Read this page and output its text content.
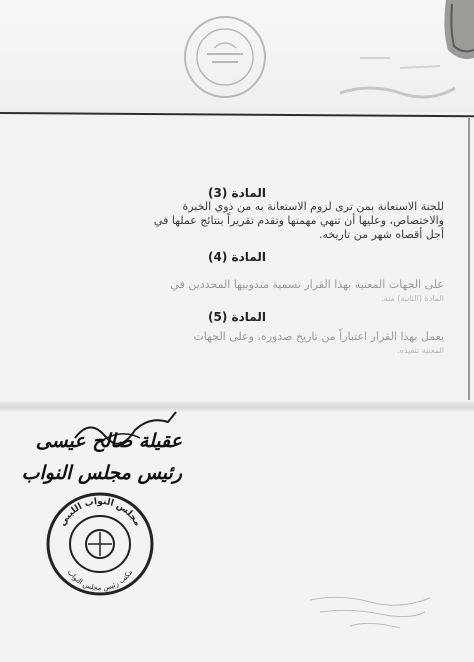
المادة (3)
للجنة الاستعانة بمن ترى لزوم الاستعانة به من ذوي الخبرة
والاختصاص، وعليها أن تنهي مهمتها وتقدم تقريراً بنتائج عملها في
أجل أقصاه شهر من تاريخه.
المادة (4)
على الجهات المعنية بهذا القرار تسمية مندوبيها المحددين في
المادة (الثانية) منه.
المادة (5)
يعمل بهذا القرار اعتباراً من تاريخ صدوره، وعلى الجهات
المعنية تنفيذه.
عقيلة صالح عيسى
رئيس مجلس النواب
مجلس النواب الليبي
مكتب رئيس مجلس النواب
